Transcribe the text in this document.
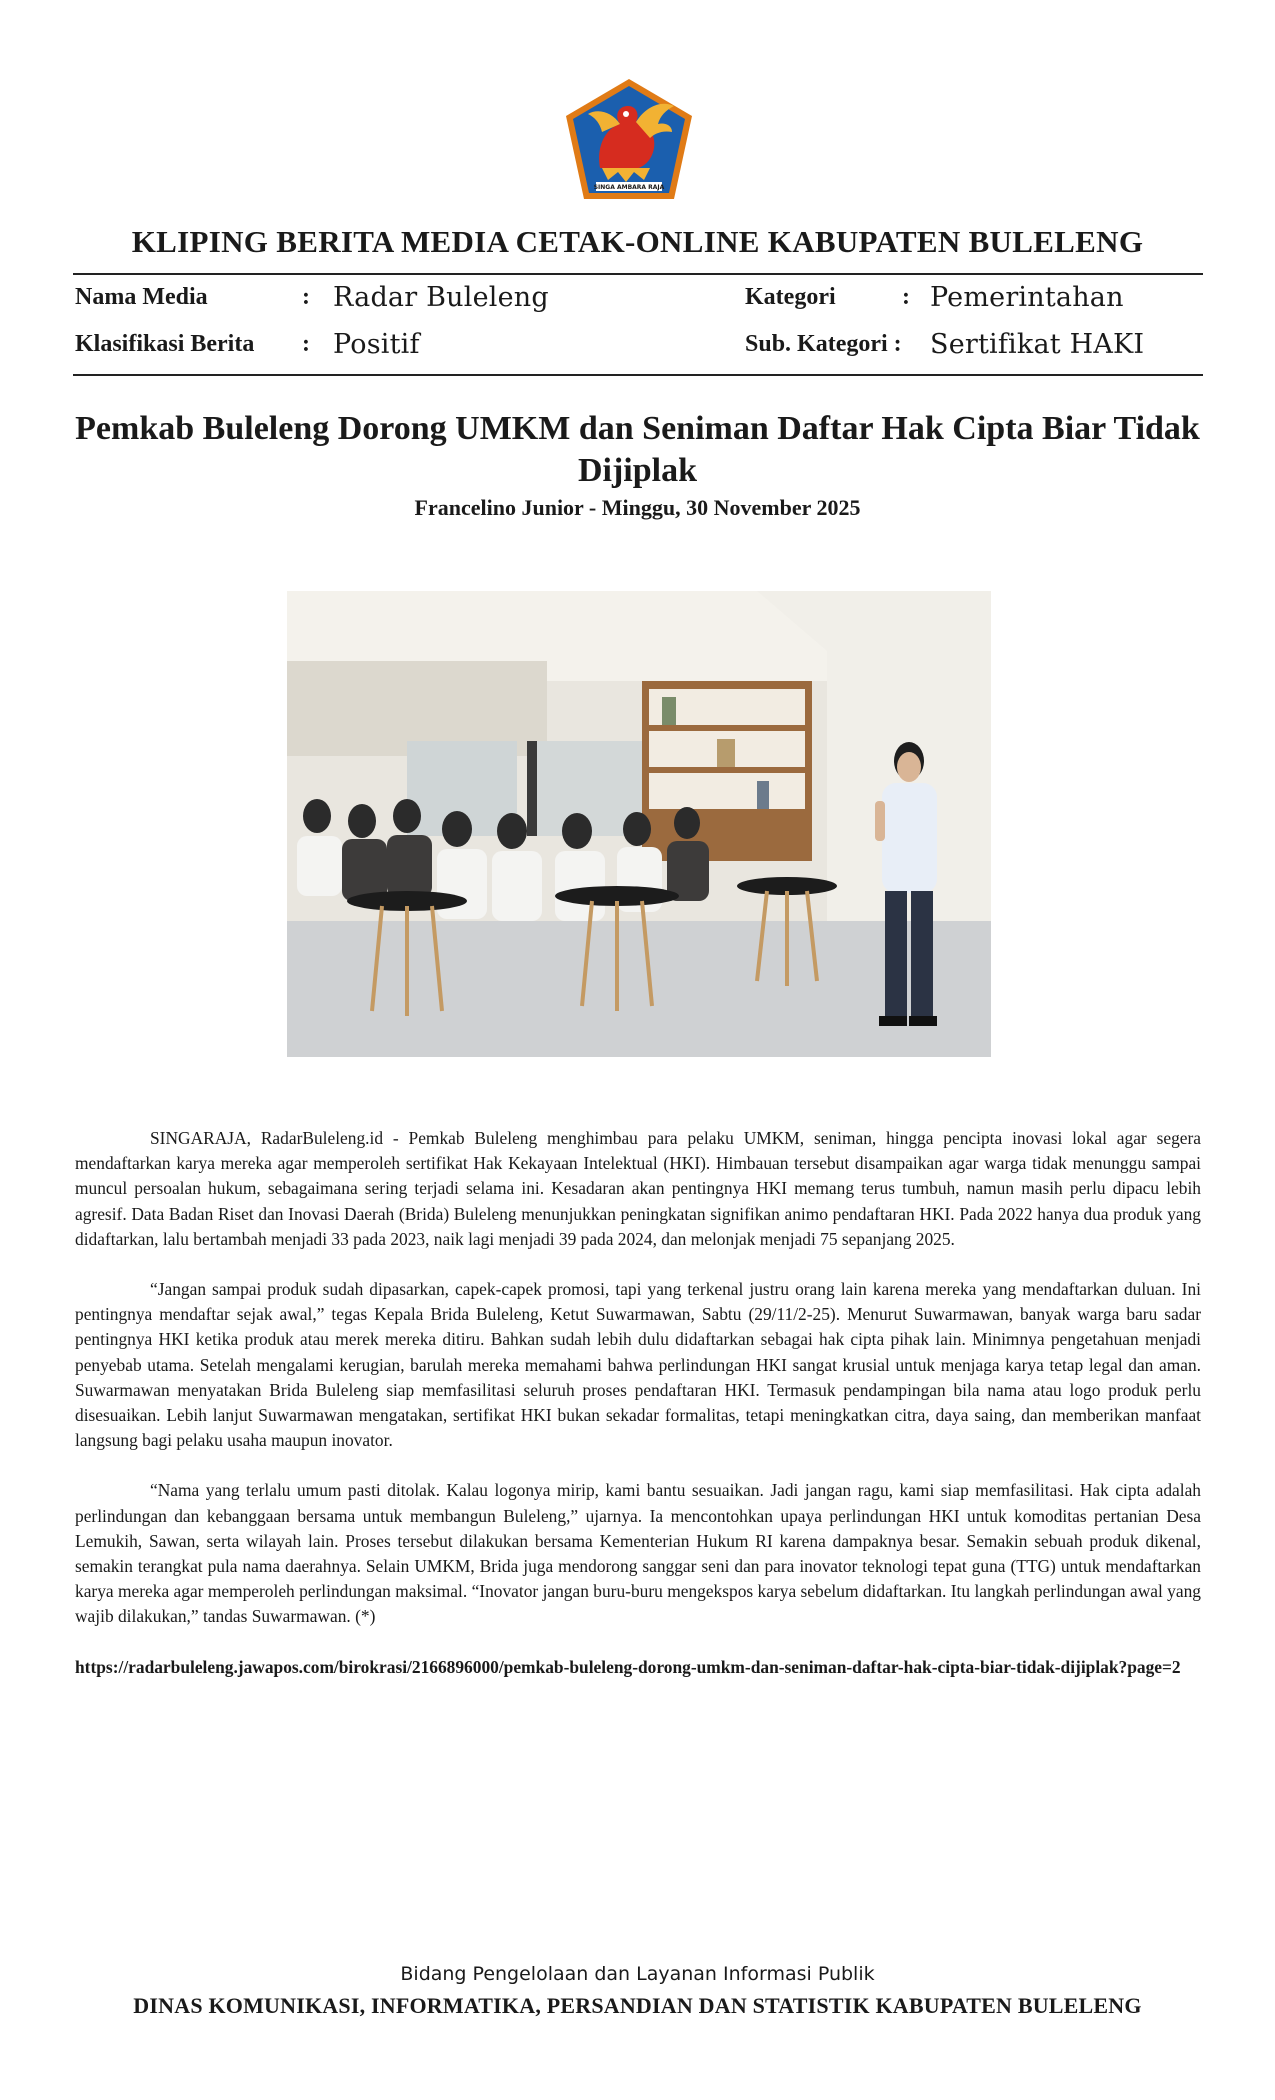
SINGA AMBARA RAJA
KLIPING BERITA MEDIA CETAK-ONLINE KABUPATEN BULELENG
Nama Media	: Radar Buleleng	Kategori	: Pemerintahan
Klasifikasi Berita : Positif	Sub. Kategori : Sertifikat HAKI
Pemkab Buleleng Dorong UMKM dan Seniman Daftar Hak Cipta Biar Tidak Dijiplak
Francelino Junior - Minggu, 30 November 2025

SINGARAJA, RadarBuleleng.id - Pemkab Buleleng menghimbau para pelaku UMKM, seniman, hingga pencipta inovasi lokal agar segera mendaftarkan karya mereka agar memperoleh sertifikat Hak Kekayaan Intelektual (HKI). Himbauan tersebut disampaikan agar warga tidak menunggu sampai muncul persoalan hukum, sebagaimana sering terjadi selama ini. Kesadaran akan pentingnya HKI memang terus tumbuh, namun masih perlu dipacu lebih agresif. Data Badan Riset dan Inovasi Daerah (Brida) Buleleng menunjukkan peningkatan signifikan animo pendaftaran HKI. Pada 2022 hanya dua produk yang didaftarkan, lalu bertambah menjadi 33 pada 2023, naik lagi menjadi 39 pada 2024, dan melonjak menjadi 75 sepanjang 2025.

“Jangan sampai produk sudah dipasarkan, capek-capek promosi, tapi yang terkenal justru orang lain karena mereka yang mendaftarkan duluan. Ini pentingnya mendaftar sejak awal,” tegas Kepala Brida Buleleng, Ketut Suwarmawan, Sabtu (29/11/2-25). Menurut Suwarmawan, banyak warga baru sadar pentingnya HKI ketika produk atau merek mereka ditiru. Bahkan sudah lebih dulu didaftarkan sebagai hak cipta pihak lain. Minimnya pengetahuan menjadi penyebab utama. Setelah mengalami kerugian, barulah mereka memahami bahwa perlindungan HKI sangat krusial untuk menjaga karya tetap legal dan aman. Suwarmawan menyatakan Brida Buleleng siap memfasilitasi seluruh proses pendaftaran HKI. Termasuk pendampingan bila nama atau logo produk perlu disesuaikan. Lebih lanjut Suwarmawan mengatakan, sertifikat HKI bukan sekadar formalitas, tetapi meningkatkan citra, daya saing, dan memberikan manfaat langsung bagi pelaku usaha maupun inovator.

“Nama yang terlalu umum pasti ditolak. Kalau logonya mirip, kami bantu sesuaikan. Jadi jangan ragu, kami siap memfasilitasi. Hak cipta adalah perlindungan dan kebanggaan bersama untuk membangun Buleleng,” ujarnya. Ia mencontohkan upaya perlindungan HKI untuk komoditas pertanian Desa Lemukih, Sawan, serta wilayah lain. Proses tersebut dilakukan bersama Kementerian Hukum RI karena dampaknya besar. Semakin sebuah produk dikenal, semakin terangkat pula nama daerahnya. Selain UMKM, Brida juga mendorong sanggar seni dan para inovator teknologi tepat guna (TTG) untuk mendaftarkan karya mereka agar memperoleh perlindungan maksimal. “Inovator jangan buru-buru mengekspos karya sebelum didaftarkan. Itu langkah perlindungan awal yang wajib dilakukan,” tandas Suwarmawan. (*)

https://radarbuleleng.jawapos.com/birokrasi/2166896000/pemkab-buleleng-dorong-umkm-dan-seniman-daftar-hak-cipta-biar-tidak-dijiplak?page=2

Bidang Pengelolaan dan Layanan Informasi Publik
DINAS KOMUNIKASI, INFORMATIKA, PERSANDIAN DAN STATISTIK KABUPATEN BULELENG
